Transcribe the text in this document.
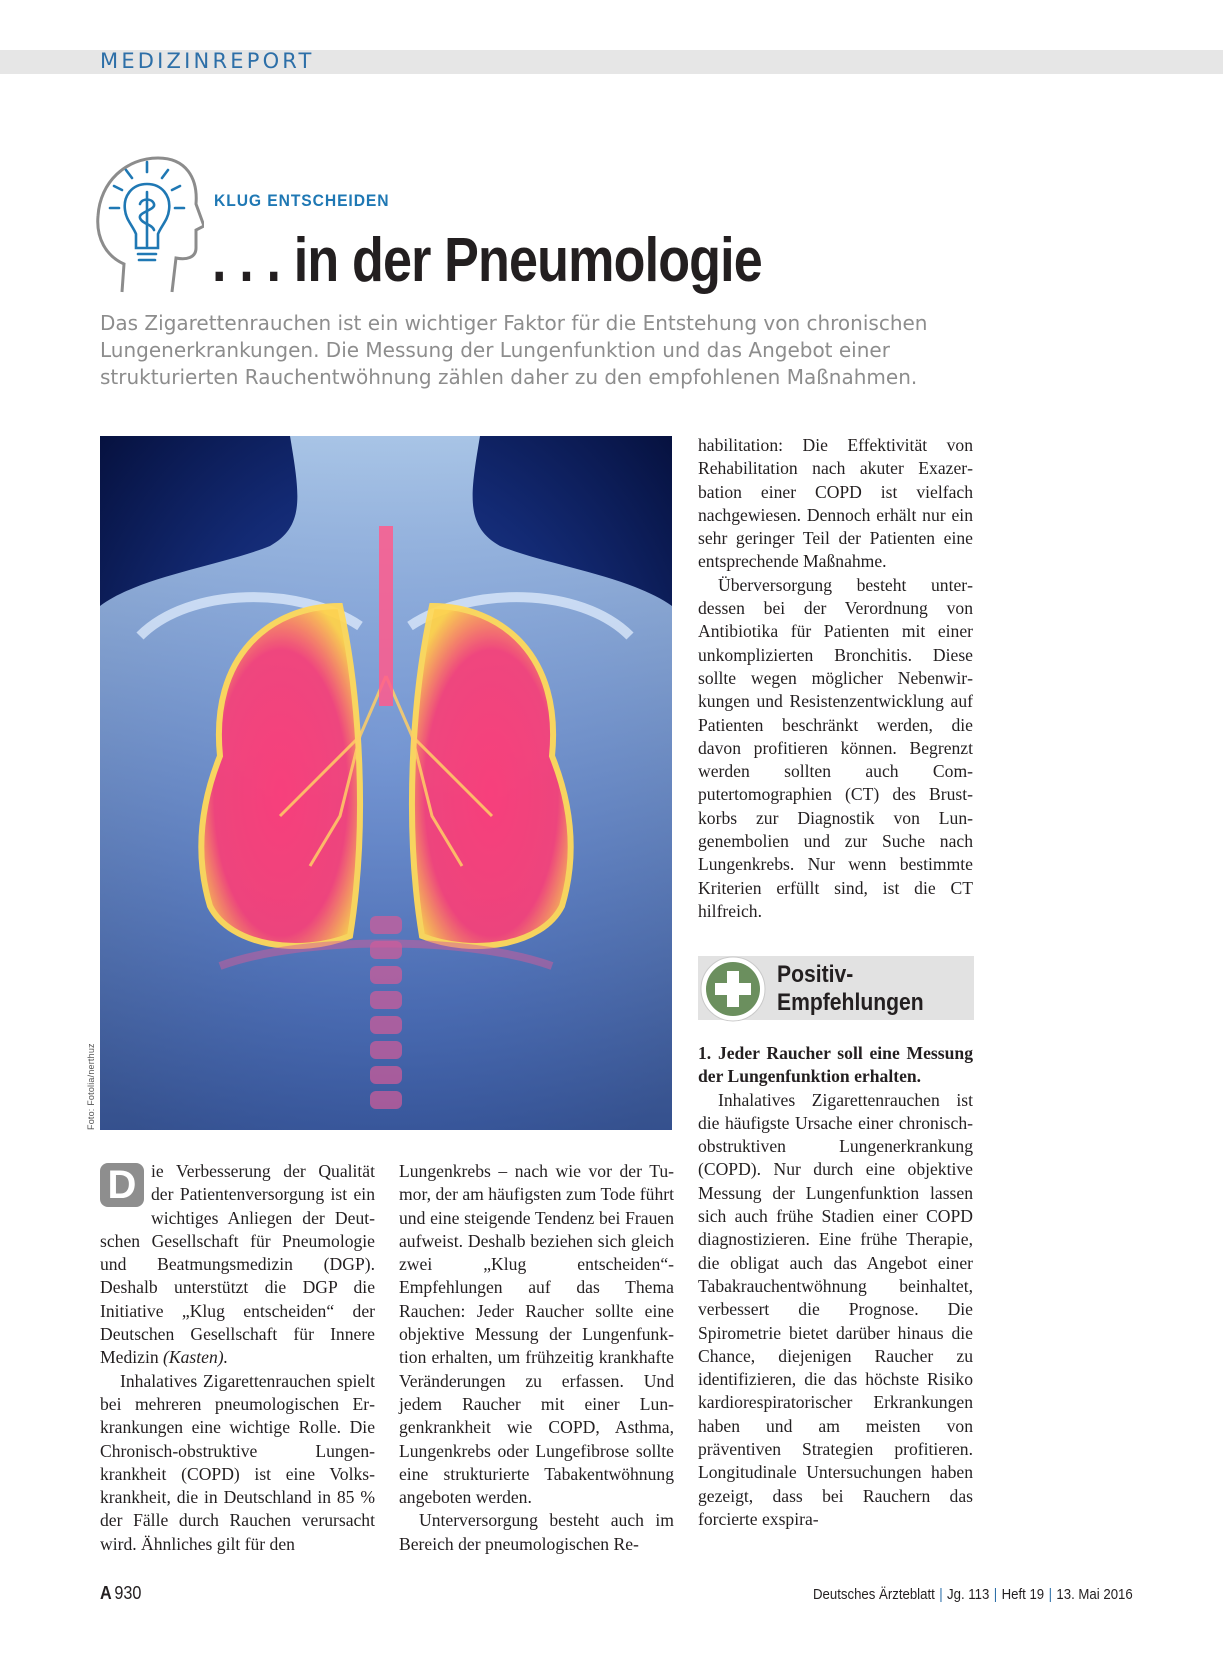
MEDIZINREPORT
KLUG ENTSCHEIDEN
. . . in der Pneumologie
Das Zigarettenrauchen ist ein wichtiger Faktor für die Entstehung von chronischen Lungenerkrankungen. Die Messung der Lungenfunktion und das Angebot einer strukturierten Rauchentwöhnung zählen daher zu den empfohlenen Maßnahmen.
Foto: Fotolia/nerthuz

D ie Verbesserung der Qualität der Patientenversorgung ist ein wichtiges Anliegen der Deutschen Gesellschaft für Pneumologie und Beatmungsmedizin (DGP). Deshalb unterstützt die DGP die Initiative „Klug entscheiden“ der Deutschen Gesellschaft für Innere Medizin (Kasten).

Inhalatives Zigarettenrauchen spielt bei mehreren pneumologischen Erkrankungen eine wichtige Rolle. Die Chronisch-obstruktive Lungenkrankheit (COPD) ist eine Volkskrankheit, die in Deutschland in 85 % der Fälle durch Rauchen verursacht wird. Ähnliches gilt für den

Lungenkrebs – nach wie vor der Tumor, der am häufigsten zum Tode führt und eine steigende Tendenz bei Frauen aufweist. Deshalb beziehen sich gleich zwei „Klug entscheiden“-Empfehlungen auf das Thema Rauchen: Jeder Raucher sollte eine objektive Messung der Lungenfunktion erhalten, um frühzeitig krankhafte Veränderungen zu erfassen. Und jedem Raucher mit einer Lungenkrankheit wie COPD, Asthma, Lungenkrebs oder Lungefibrose sollte eine strukturierte Tabakentwöhnung angeboten werden.

Unterversorgung besteht auch im Bereich der pneumologischen Re-

habilitation: Die Effektivität von Rehabilitation nach akuter Exazerbation einer COPD ist vielfach nachgewiesen. Dennoch erhält nur ein sehr geringer Teil der Patienten eine entsprechende Maßnahme.

Überversorgung besteht unterdessen bei der Verordnung von Antibiotika für Patienten mit einer unkomplizierten Bronchitis. Diese sollte wegen möglicher Nebenwirkungen und Resistenzentwicklung auf Patienten beschränkt werden, die davon profitieren können. Begrenzt werden sollten auch Computertomographien (CT) des Brustkorbs zur Diagnostik von Lungenembolien und zur Suche nach Lungenkrebs. Nur wenn bestimmte Kriterien erfüllt sind, ist die CT hilfreich.

Positiv-
Empfehlungen

1. Jeder Raucher soll eine Messung der Lungenfunktion erhalten.

Inhalatives Zigarettenrauchen ist die häufigste Ursache einer chronisch-obstruktiven Lungenerkrankung (COPD). Nur durch eine objektive Messung der Lungenfunktion lassen sich auch frühe Stadien einer COPD diagnostizieren. Eine frühe Therapie, die obligat auch das Angebot einer Tabakrauchentwöhnung beinhaltet, verbessert die Prognose. Die Spirometrie bietet darüber hinaus die Chance, diejenigen Raucher zu identifizieren, die das höchste Risiko kardiorespiratorischer Erkrankungen haben und am meisten von präventiven Strategien profitieren. Longitudinale Untersuchungen haben gezeigt, dass bei Rauchern das forcierte exspira-

A 930	Deutsches Ärzteblatt | Jg. 113 | Heft 19 | 13. Mai 2016
